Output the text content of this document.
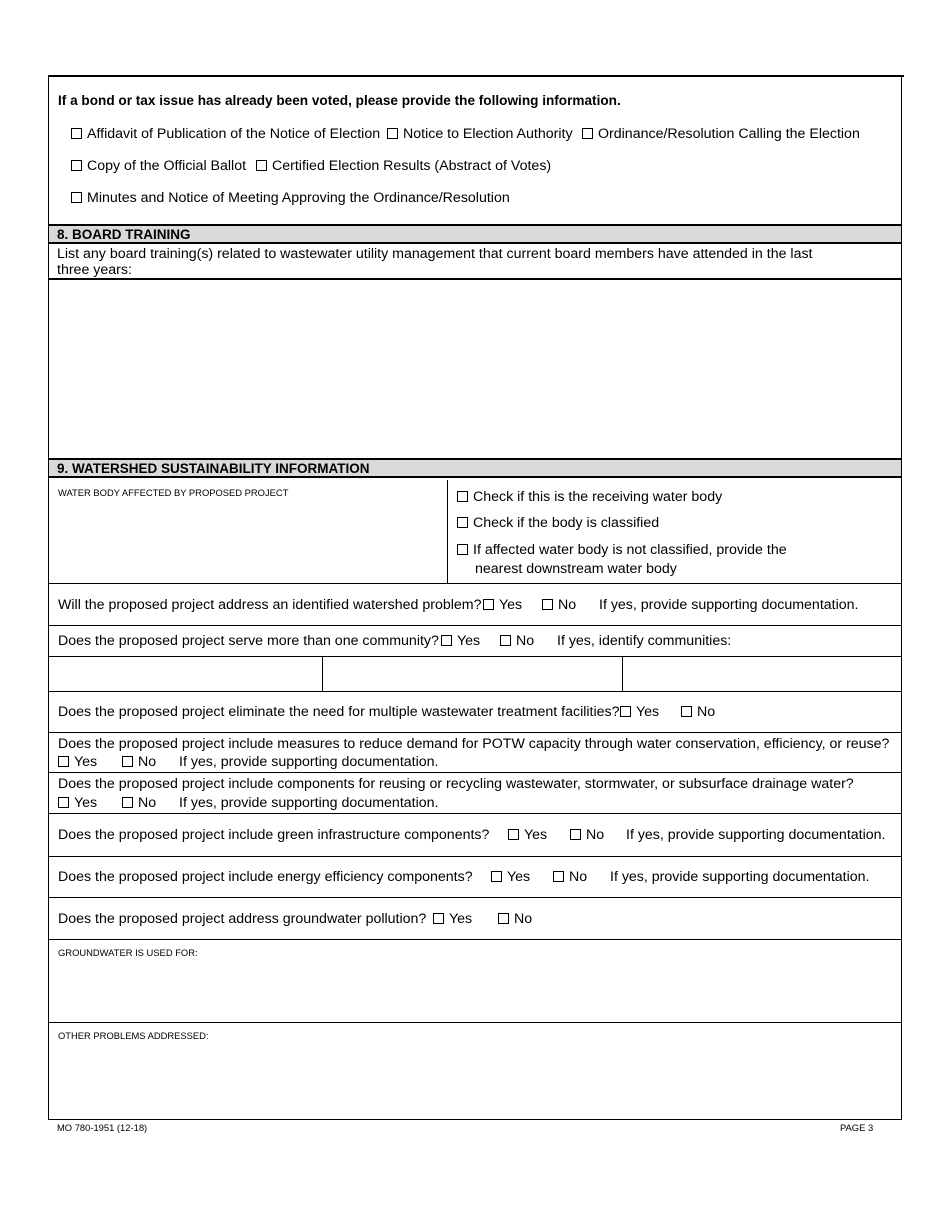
If a bond or tax issue has already been voted, please provide the following information.
Affidavit of Publication of the Notice of Election	Notice to Election Authority	Ordinance/Resolution Calling the Election
Copy of the Official Ballot	Certified Election Results (Abstract of Votes)
Minutes and Notice of Meeting Approving the Ordinance/Resolution
8. BOARD TRAINING
List any board training(s) related to wastewater utility management that current board members have attended in the last
three years:
9. WATERSHED SUSTAINABILITY INFORMATION
WATER BODY AFFECTED BY PROPOSED PROJECT	Check if this is the receiving water body
Check if the body is classified
If affected water body is not classified, provide the
nearest downstream water body
Will the proposed project address an identified watershed problem?	Yes	No If yes, provide supporting documentation.
Does the proposed project serve more than one community?	Yes	No If yes, identify communities:
Does the proposed project eliminate the need for multiple wastewater treatment facilities?	Yes	No
Does the proposed project include measures to reduce demand for POTW capacity through water conservation, efficiency, or reuse?
Yes	No If yes, provide supporting documentation.
Does the proposed project include components for reusing or recycling wastewater, stormwater, or subsurface drainage water?
Yes	No If yes, provide supporting documentation.
Does the proposed project include green infrastructure components?	Yes	No If yes, provide supporting documentation.
Does the proposed project include energy efficiency components?	Yes	No If yes, provide supporting documentation.
Does the proposed project address groundwater pollution?	Yes	No
GROUNDWATER IS USED FOR:
OTHER PROBLEMS ADDRESSED:
MO 780-1951 (12-18)	PAGE 3
